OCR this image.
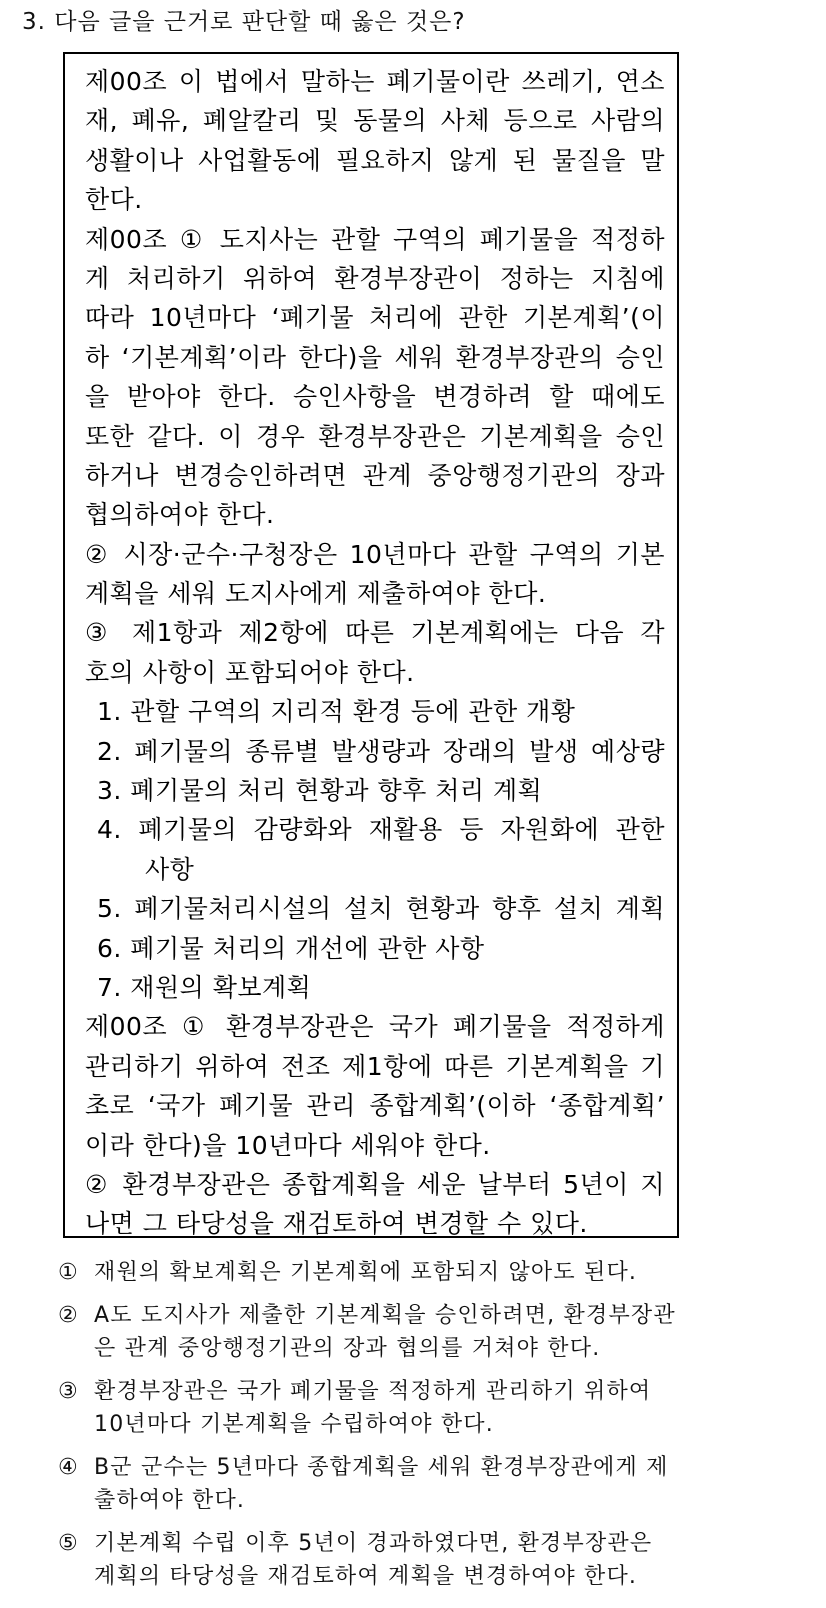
3. 다음 글을 근거로 판단할 때 옳은 것은?
제00조 이 법에서 말하는 폐기물이란 쓰레기, 연소
재, 폐유, 폐알칼리 및 동물의 사체 등으로 사람의
생활이나 사업활동에 필요하지 않게 된 물질을 말
한다.
제00조 ① 도지사는 관할 구역의 폐기물을 적정하
게 처리하기 위하여 환경부장관이 정하는 지침에
따라 10년마다 ‘폐기물 처리에 관한 기본계획’(이
하 ‘기본계획’이라 한다)을 세워 환경부장관의 승인
을 받아야 한다. 승인사항을 변경하려 할 때에도
또한 같다. 이 경우 환경부장관은 기본계획을 승인
하거나 변경승인하려면 관계 중앙행정기관의 장과
협의하여야 한다.
② 시장·군수·구청장은 10년마다 관할 구역의 기본
계획을 세워 도지사에게 제출하여야 한다.
③ 제1항과 제2항에 따른 기본계획에는 다음 각
호의 사항이 포함되어야 한다.
1. 관할 구역의 지리적 환경 등에 관한 개황
2. 폐기물의 종류별 발생량과 장래의 발생 예상량
3. 폐기물의 처리 현황과 향후 처리 계획
4. 폐기물의 감량화와 재활용 등 자원화에 관한
사항
5. 폐기물처리시설의 설치 현황과 향후 설치 계획
6. 폐기물 처리의 개선에 관한 사항
7. 재원의 확보계획
제00조 ① 환경부장관은 국가 폐기물을 적정하게
관리하기 위하여 전조 제1항에 따른 기본계획을 기
초로 ‘국가 폐기물 관리 종합계획’(이하 ‘종합계획’
이라 한다)을 10년마다 세워야 한다.
② 환경부장관은 종합계획을 세운 날부터 5년이 지
나면 그 타당성을 재검토하여 변경할 수 있다.
① 재원의 확보계획은 기본계획에 포함되지 않아도 된다.
② A도 도지사가 제출한 기본계획을 승인하려면, 환경부장관
은 관계 중앙행정기관의 장과 협의를 거쳐야 한다.
③ 환경부장관은 국가 폐기물을 적정하게 관리하기 위하여
10년마다 기본계획을 수립하여야 한다.
④ B군 군수는 5년마다 종합계획을 세워 환경부장관에게 제
출하여야 한다.
⑤ 기본계획 수립 이후 5년이 경과하였다면, 환경부장관은
계획의 타당성을 재검토하여 계획을 변경하여야 한다.
